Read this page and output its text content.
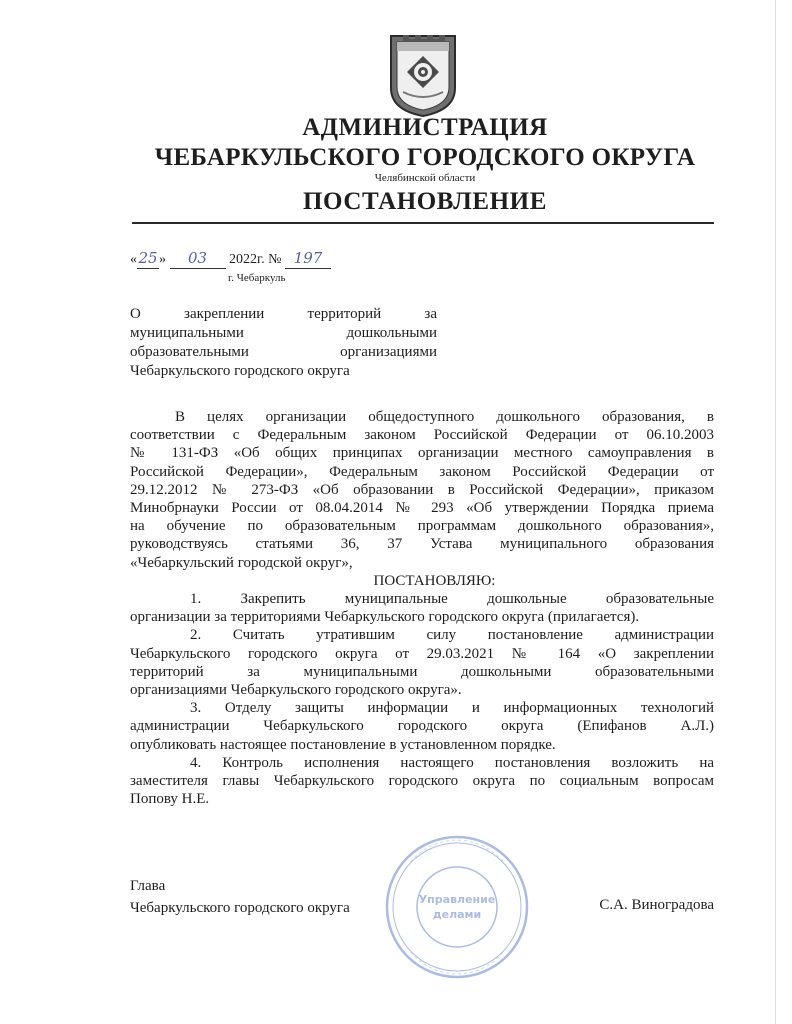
АДМИНИСТРАЦИЯ
ЧЕБАРКУЛЬСКОГО ГОРОДСКОГО ОКРУГА
Челябинской области
ПОСТАНОВЛЕНИЕ
«25» 03 2022г. № 197
г. Чебаркуль
О закреплении территорий за
муниципальными дошкольными
образовательными организациями
Чебаркульского городского округа
В целях организации общедоступного дошкольного образования, в
соответствии с Федеральным законом Российской Федерации от 06.10.2003
№ 131-ФЗ «Об общих принципах организации местного самоуправления в
Российской Федерации», Федеральным законом Российской Федерации от
29.12.2012 № 273-ФЗ «Об образовании в Российской Федерации», приказом
Минобрнауки России от 08.04.2014 № 293 «Об утверждении Порядка приема
на обучение по образовательным программам дошкольного образования»,
руководствуясь статьями 36, 37 Устава муниципального образования
«Чебаркульский городской округ»,
ПОСТАНОВЛЯЮ:
1. Закрепить муниципальные дошкольные образовательные
организации за территориями Чебаркульского городского округа (прилагается).
2. Считать утратившим силу постановление администрации
Чебаркульского городского округа от 29.03.2021 № 164 «О закреплении
территорий за муниципальными дошкольными образовательными
организациями Чебаркульского городского округа».
3. Отделу защиты информации и информационных технологий
администрации Чебаркульского городского округа (Епифанов А.Л.)
опубликовать настоящее постановление в установленном порядке.
4. Контроль исполнения настоящего постановления возложить на
заместителя главы Чебаркульского городского округа по социальным вопросам
Попову Н.Е.
Глава
Чебаркульского городского округа	С.А. Виноградова
Управление
делами
